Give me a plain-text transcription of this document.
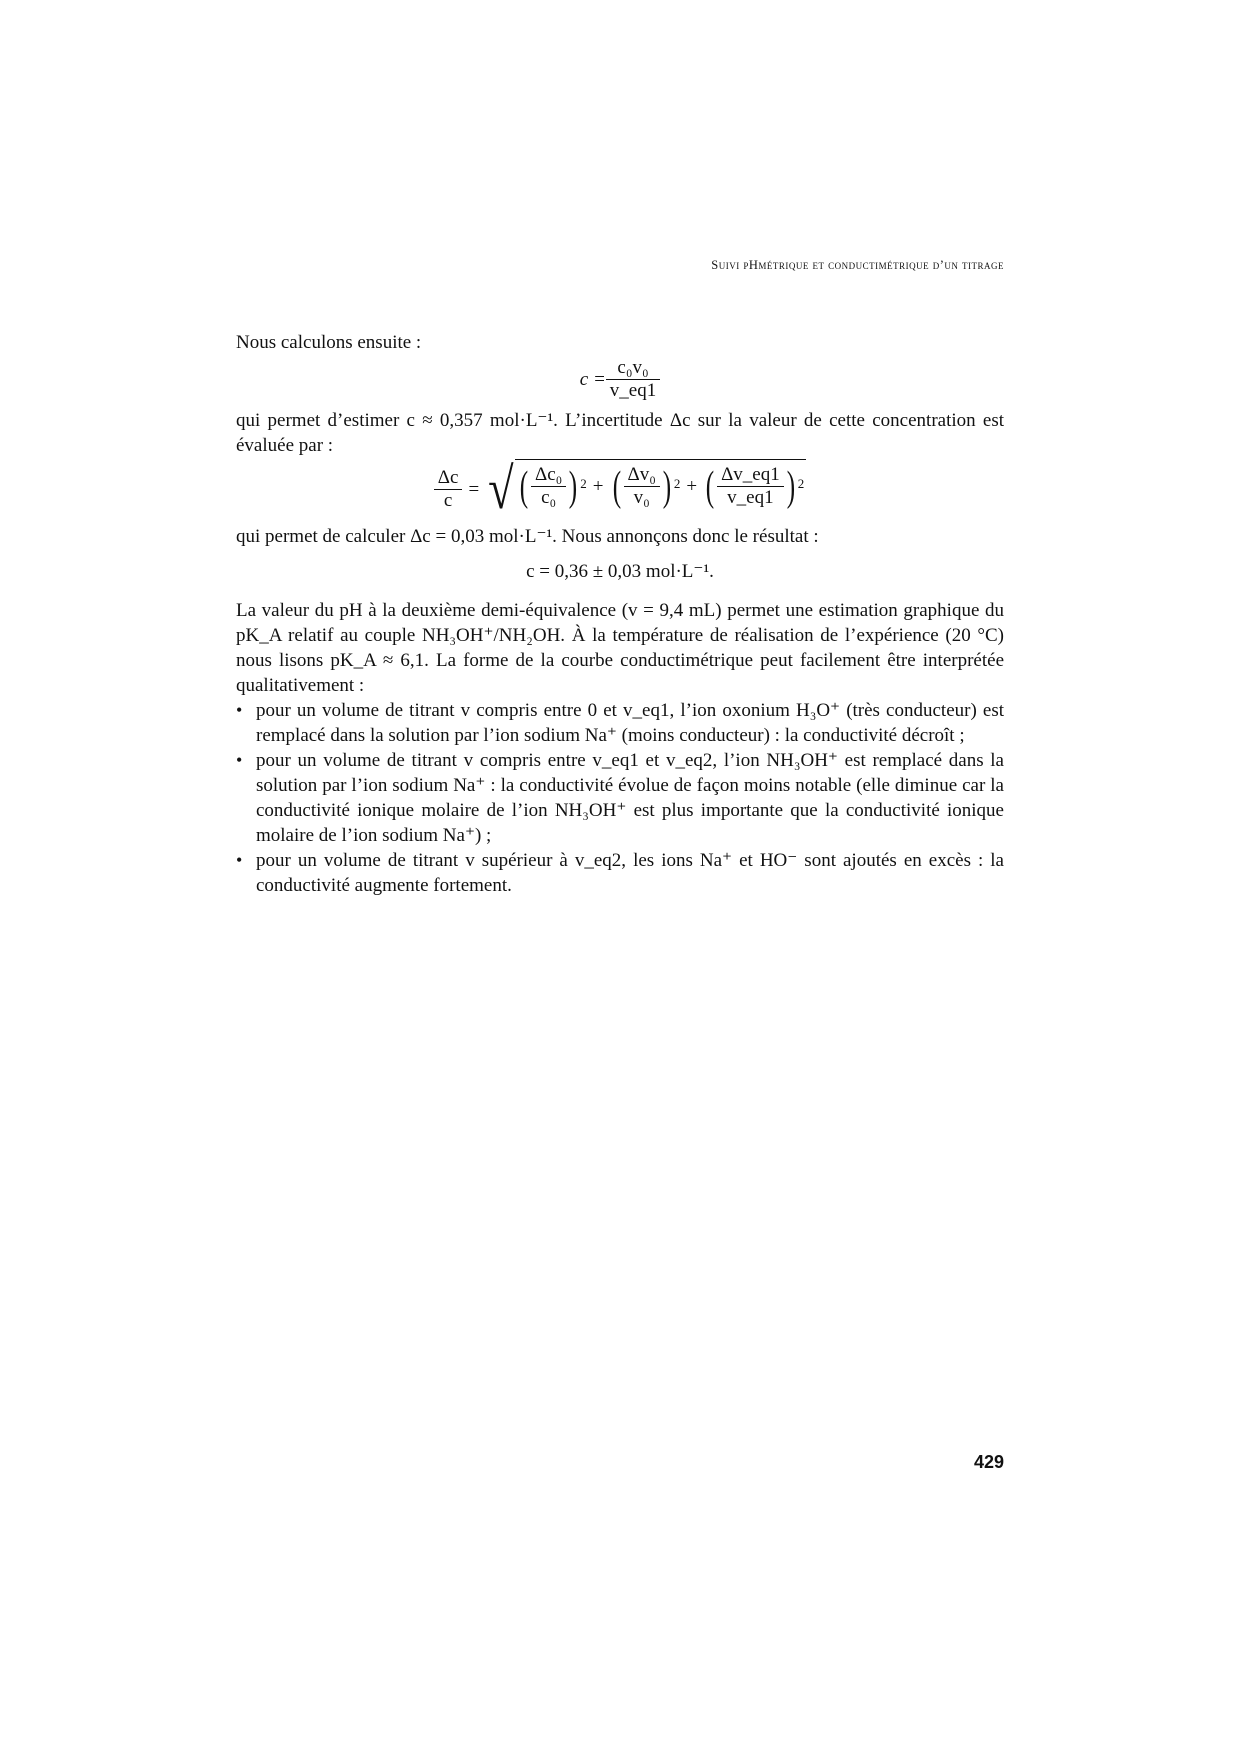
Suivi pHmétrique et conductimétrique d’un titrage

Nous calculons ensuite :

$c = \frac{\text{c₀v₀}}{v\_eq1}$

qui permet d’estimer c ≈ 0,357 mol·L⁻¹. L’incertitude Δc sur la valeur de cette concentration est évaluée par :

$\frac{\Delta c}{c}$ = √ ( $\frac{\text{Δc₀}}{\text{c₀}}$ ) 2 + ( $\frac{\text{Δv₀}}{\text{v₀}}$ ) 2 + ( $\frac{\Delta v\_eq1}{v\_eq1}$ ) 2

qui permet de calculer Δc = 0,03 mol·L⁻¹. Nous annonçons donc le résultat :

c = 0,36 ± 0,03 mol·L⁻¹.

La valeur du pH à la deuxième demi-équivalence (v = 9,4 mL) permet une estimation graphique du pK_A relatif au couple NH₃OH⁺/NH₂OH. À la température de réalisation de l’expérience (20 °C) nous lisons pK_A ≈ 6,1. La forme de la courbe conductimétrique peut facilement être interprétée qualitativement :

• pour un volume de titrant v compris entre 0 et v_eq1, l’ion oxonium H₃O⁺ (très conducteur) est remplacé dans la solution par l’ion sodium Na⁺ (moins conducteur) : la conductivité décroît ;
• pour un volume de titrant v compris entre v_eq1 et v_eq2, l’ion NH₃OH⁺ est remplacé dans la solution par l’ion sodium Na⁺ : la conductivité évolue de façon moins notable (elle diminue car la conductivité ionique molaire de l’ion NH₃OH⁺ est plus importante que la conductivité ionique molaire de l’ion sodium Na⁺) ;
• pour un volume de titrant v supérieur à v_eq2, les ions Na⁺ et HO⁻ sont ajoutés en excès : la conductivité augmente fortement.
429
